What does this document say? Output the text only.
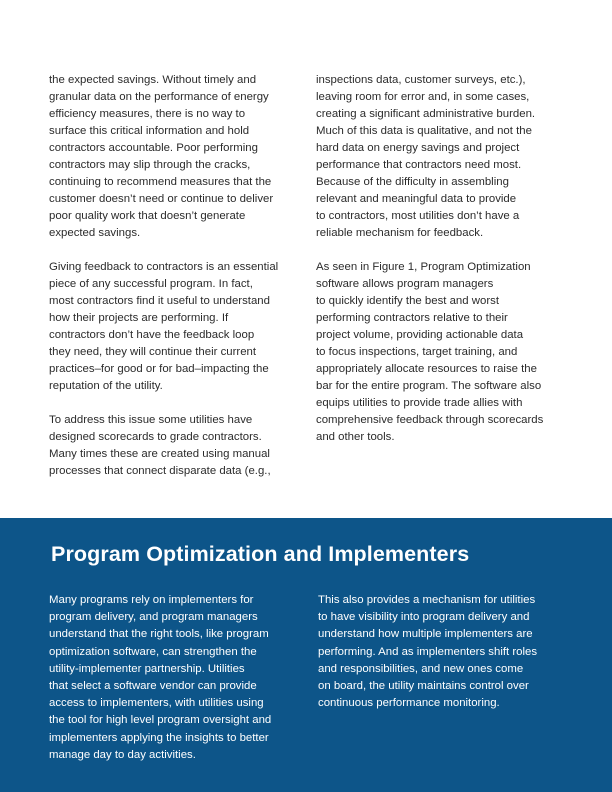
the expected savings. Without timely and
granular data on the performance of energy
efficiency measures, there is no way to
surface this critical information and hold
contractors accountable. Poor performing
contractors may slip through the cracks,
continuing to recommend measures that the
customer doesn’t need or continue to deliver
poor quality work that doesn’t generate
expected savings.

Giving feedback to contractors is an essential
piece of any successful program. In fact,
most contractors find it useful to understand
how their projects are performing. If
contractors don’t have the feedback loop
they need, they will continue their current
practices–for good or for bad–impacting the
reputation of the utility.

To address this issue some utilities have
designed scorecards to grade contractors.
Many times these are created using manual
processes that connect disparate data (e.g.,

inspections data, customer surveys, etc.),
leaving room for error and, in some cases,
creating a significant administrative burden.
Much of this data is qualitative, and not the
hard data on energy savings and project
performance that contractors need most.
Because of the difficulty in assembling
relevant and meaningful data to provide
to contractors, most utilities don’t have a
reliable mechanism for feedback.

As seen in Figure 1, Program Optimization
software allows program managers
to quickly identify the best and worst
performing contractors relative to their
project volume, providing actionable data
to focus inspections, target training, and
appropriately allocate resources to raise the
bar for the entire program. The software also
equips utilities to provide trade allies with
comprehensive feedback through scorecards
and other tools.

Program Optimization and Implementers

Many programs rely on implementers for
program delivery, and program managers
understand that the right tools, like program
optimization software, can strengthen the
utility-implementer partnership. Utilities
that select a software vendor can provide
access to implementers, with utilities using
the tool for high level program oversight and
implementers applying the insights to better
manage day to day activities.

This also provides a mechanism for utilities
to have visibility into program delivery and
understand how multiple implementers are
performing. And as implementers shift roles
and responsibilities, and new ones come
on board, the utility maintains control over
continuous performance monitoring.
